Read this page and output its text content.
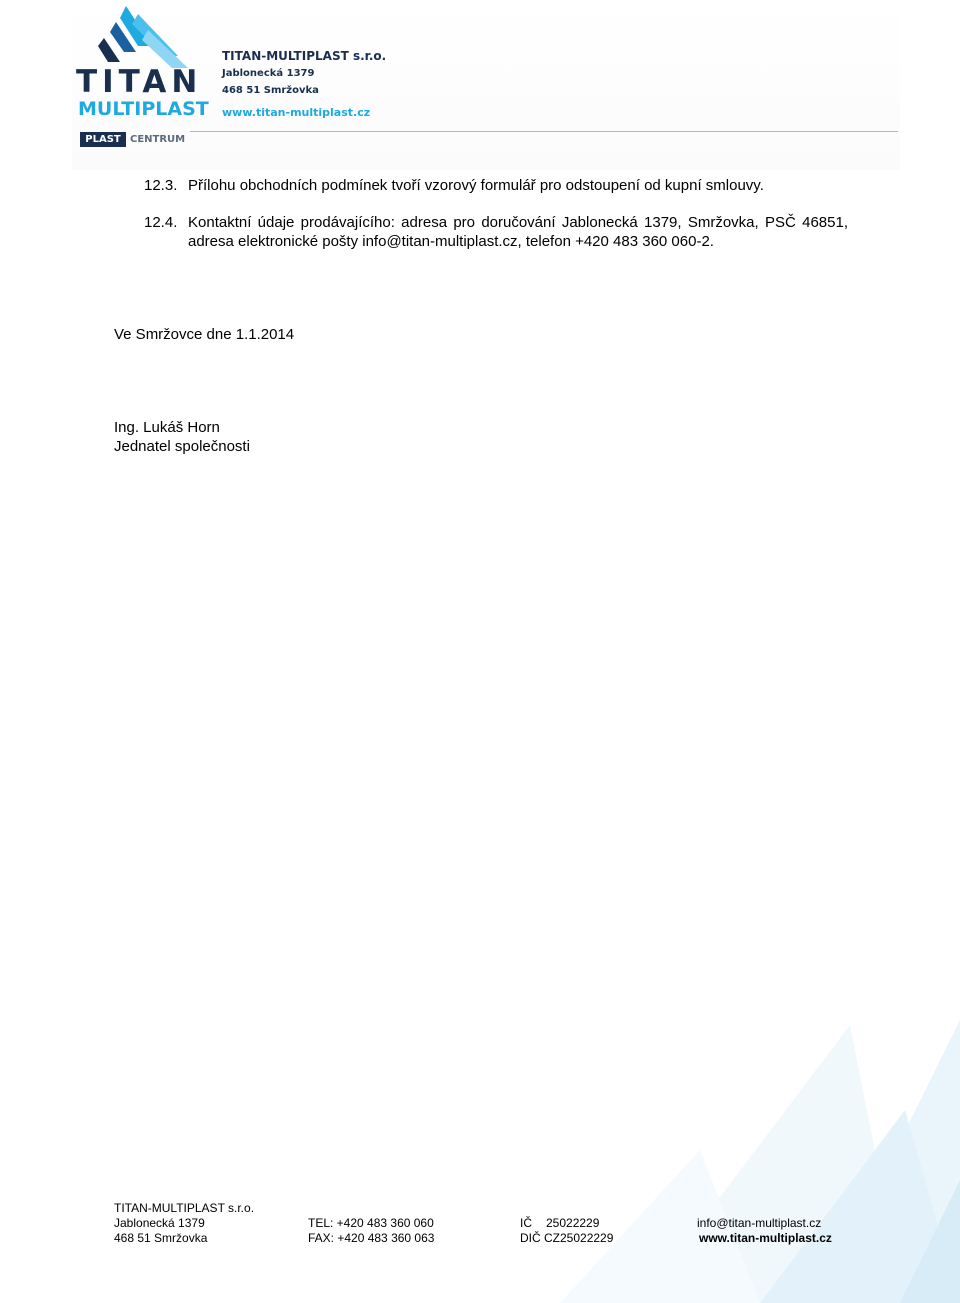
TITAN
MULTIPLAST
PLAST CENTRUM
TITAN-MULTIPLAST s.r.o.
Jablonecká 1379
468 51 Smržovka
www.titan-multiplast.cz
12.3. Přílohu obchodních podmínek tvoří vzorový formulář pro odstoupení od kupní smlouvy.
12.4. Kontaktní údaje prodávajícího: adresa pro doručování Jablonecká 1379, Smržovka, PSČ 46851, adresa elektronické pošty info@titan-multiplast.cz, telefon +420 483 360 060-2.
Ve Smržovce dne 1.1.2014
Ing. Lukáš Horn
Jednatel společnosti
TITAN-MULTIPLAST s.r.o.
Jablonecká 1379
468 51 Smržovka
TEL: +420 483 360 060
FAX: +420 483 360 063
IČ 25022229
DIČ CZ25022229
info@titan-multiplast.cz
www.titan-multiplast.cz
